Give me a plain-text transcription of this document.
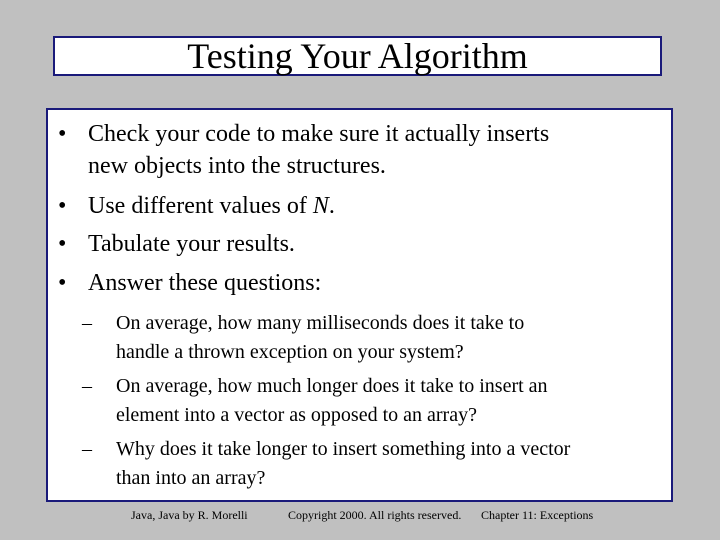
Testing Your Algorithm
• Check your code to make sure it actually inserts
new objects into the structures.
• Use different values of N.
• Tabulate your results.
• Answer these questions:
– On average, how many milliseconds does it take to
handle a thrown exception on your system?
– On average, how much longer does it take to insert an
element into a vector as opposed to an array?
– Why does it take longer to insert something into a vector
than into an array?
Java, Java by R. Morelli	Copyright 2000. All rights reserved. Chapter 11: Exceptions
